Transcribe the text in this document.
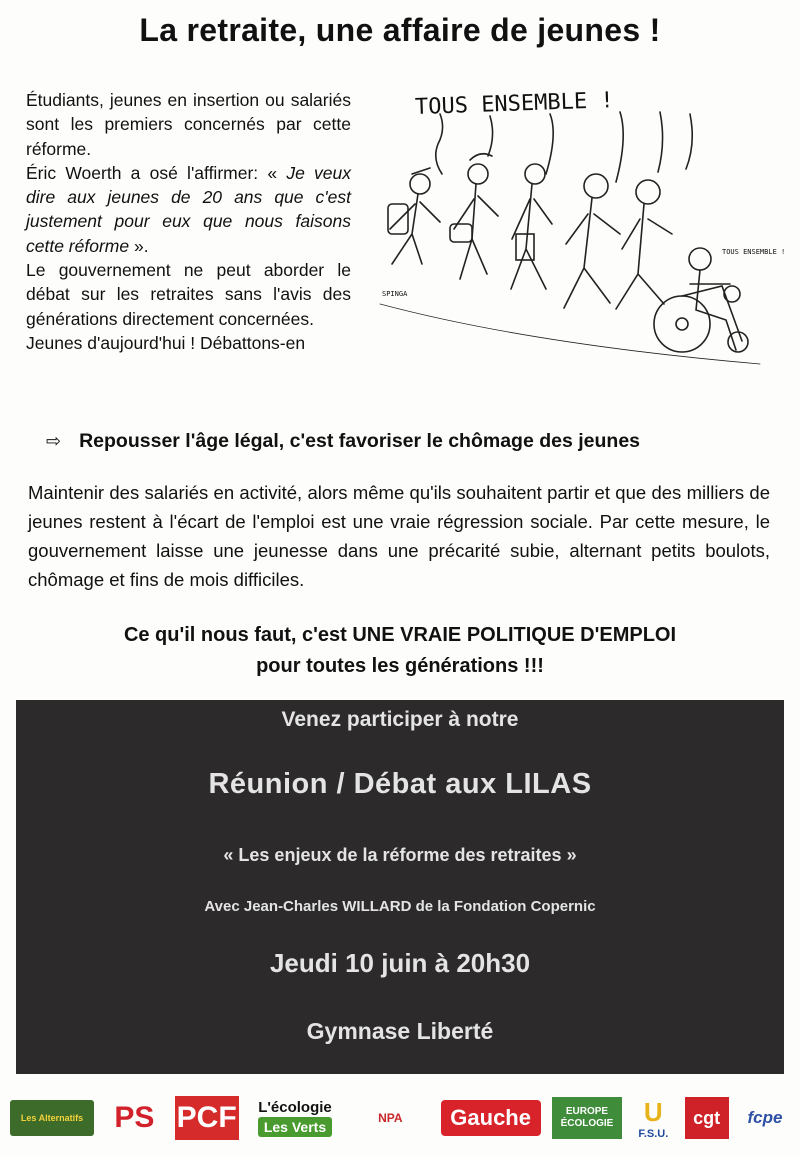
La retraite, une affaire de jeunes !

Étudiants, jeunes en insertion ou salariés sont les premiers concernés par cette réforme.

Éric Woerth a osé l'affirmer: « Je veux dire aux jeunes de 20 ans que c'est justement pour eux que nous faisons cette réforme ».

Le gouvernement ne peut aborder le débat sur les retraites sans l'avis des générations directement concernées.

Jeunes d'aujourd'hui ! Débattons-en

TOUS ENSEMBLE !
TOUS ENSEMBLE !
SPINGA
⇨ Repousser l'âge légal, c'est favoriser le chômage des jeunes
Maintenir des salariés en activité, alors même qu'ils souhaitent partir et que des milliers de jeunes restent à l'écart de l'emploi est une vraie régression sociale. Par cette mesure, le gouvernement laisse une jeunesse dans une précarité subie, alternant petits boulots, chômage et fins de mois difficiles.
Ce qu'il nous faut, c'est UNE VRAIE POLITIQUE D'EMPLOI
pour toutes les générations !!!
Venez participer à notre
Réunion / Débat aux LILAS
« Les enjeux de la réforme des retraites »
Avec Jean-Charles WILLARD de la Fondation Copernic
Jeudi 10 juin à 20h30
Gymnase Liberté
Les Alternatifs	PS PCF L'écologie
Les Verts
NPA	Gauche	EUROPE ÉCOLOGIE	U
F.S.U.
cgt	fcpe
